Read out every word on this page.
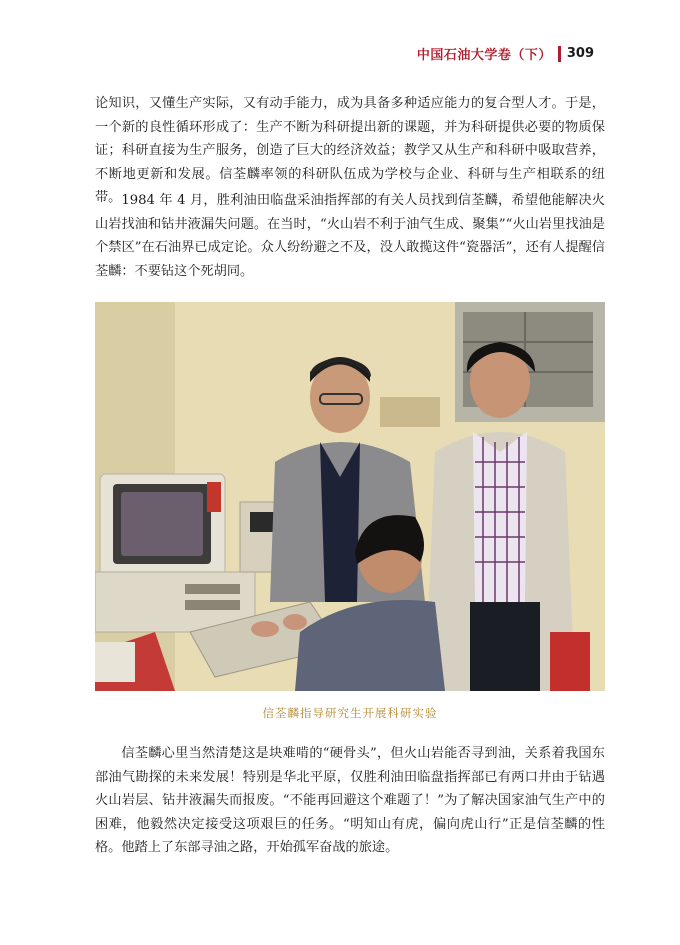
中国石油大学卷（下） 309

论知识，又懂生产实际，又有动手能力，成为具备多种适应能力的复合型人才。于是，一个新的良性循环形成了：生产不断为科研提出新的课题，并为科研提供必要的物质保证；科研直接为生产服务，创造了巨大的经济效益；教学又从生产和科研中吸取营养，不断地更新和发展。信荃麟率领的科研队伍成为学校与企业、科研与生产相联系的纽带。 1984 年 4 月，胜利油田临盘采油指挥部的有关人员找到信荃麟，希望他能解决火山岩找油和钻井液漏失问题。在当时，“火山岩不利于油气生成、聚集”“火山岩里找油是个禁区”在石油界已成定论。众人纷纷避之不及，没人敢揽这件“瓷器活”，还有人提醒信荃麟：不要钻这个死胡同。

信荃麟指导研究生开展科研实验

信荃麟心里当然清楚这是块难啃的“硬骨头”，但火山岩能否寻到油，关系着我国东部油气勘探的未来发展！特别是华北平原，仅胜利油田临盘指挥部已有两口井由于钻遇火山岩层、钻井液漏失而报废。“不能再回避这个难题了！”为了解决国家油气生产中的困难，他毅然决定接受这项艰巨的任务。“明知山有虎，偏向虎山行”正是信荃麟的性格。他踏上了东部寻油之路，开始孤军奋战的旅途。
